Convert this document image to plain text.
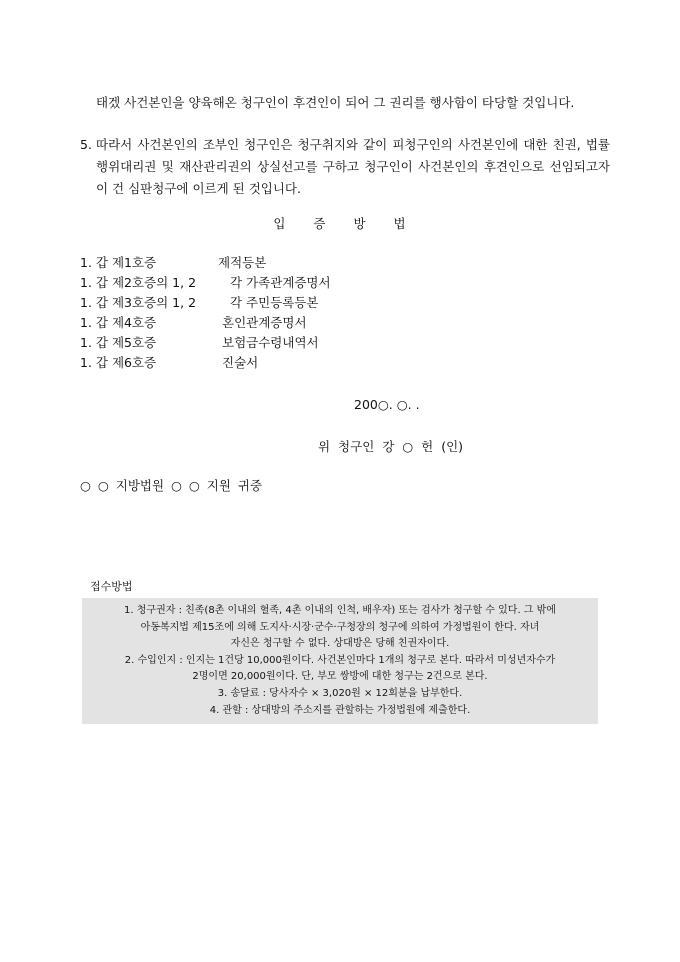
태겠 사건본인을 양육해온 청구인이 후견인이 되어 그 권리를 행사함이 타당할 것입니다.
5. 따라서 사건본인의 조부인 청구인은 청구취지와 같이 피청구인의 사건본인에 대한 친권, 법률행위대리권 및 재산관리권의 상실선고를 구하고 청구인이 사건본인의 후견인으로 선임되고자 이 건 심판청구에 이르게 된 것입니다.
입 증 방 법
1. 갑 제1호증	제적등본
1. 갑 제2호증의 1, 2	각 가족관계증명서
1. 갑 제3호증의 1, 2	각 주민등록등본
1. 갑 제4호증	혼인관계증명서
1. 갑 제5호증	보험금수령내역서
1. 갑 제6호증	진술서
200○. ○. .
위 청구인 강 ○ 헌 (인)
○ ○ 지방법원 ○ ○ 지원 귀중
접수방법
1. 청구권자 : 친족(8촌 이내의 혈족, 4촌 이내의 인척, 배우자) 또는 검사가 청구할 수 있다. 그 밖에
아동복지법 제15조에 의해 도지사·시장·군수·구청장의 청구에 의하여 가정법원이 한다. 자녀
자신은 청구할 수 없다. 상대방은 당해 친권자이다.
2. 수입인지 : 인지는 1건당 10,000원이다. 사건본인마다 1개의 청구로 본다. 따라서 미성년자수가
2명이면 20,000원이다. 단, 부모 쌍방에 대한 청구는 2건으로 본다.
3. 송달료 : 당사자수 × 3,020원 × 12회분을 납부한다.
4. 관할 : 상대방의 주소지를 관할하는 가정법원에 제출한다.
